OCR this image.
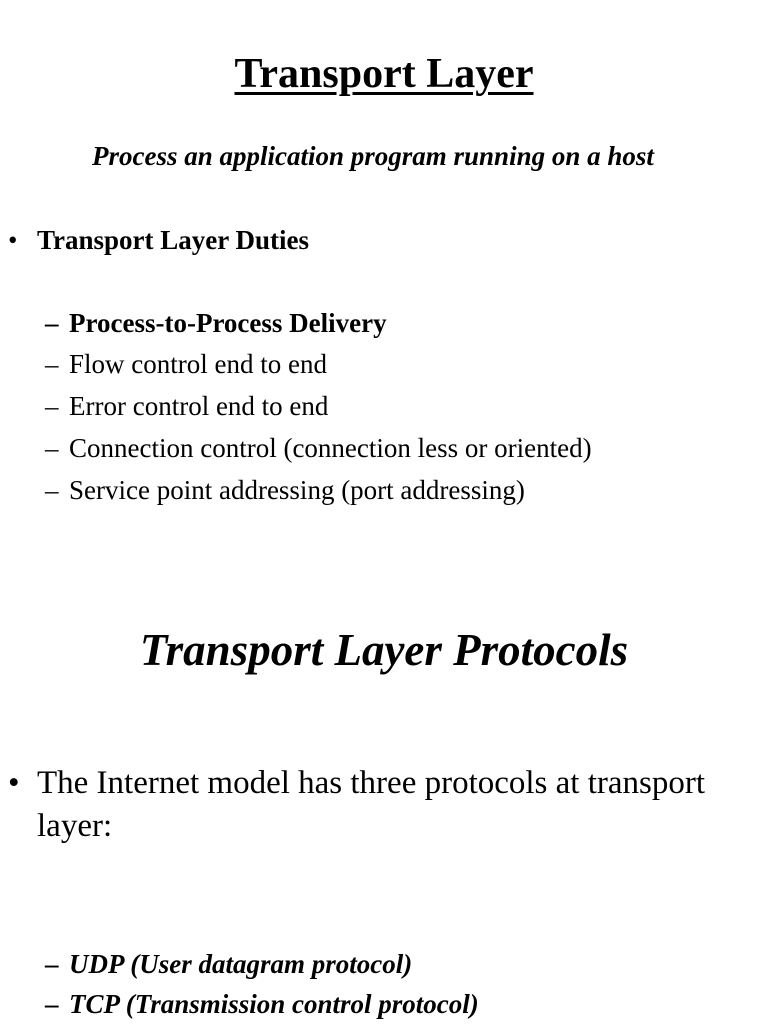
Transport Layer
Process an application program running on a host
• Transport Layer Duties
– Process-to-Process Delivery
– Flow control end to end
– Error control end to end
– Connection control (connection less or oriented)
– Service point addressing (port addressing)
Transport Layer Protocols
• The Internet model has three protocols at transport layer:
– UDP (User datagram protocol)
– TCP (Transmission control protocol)
